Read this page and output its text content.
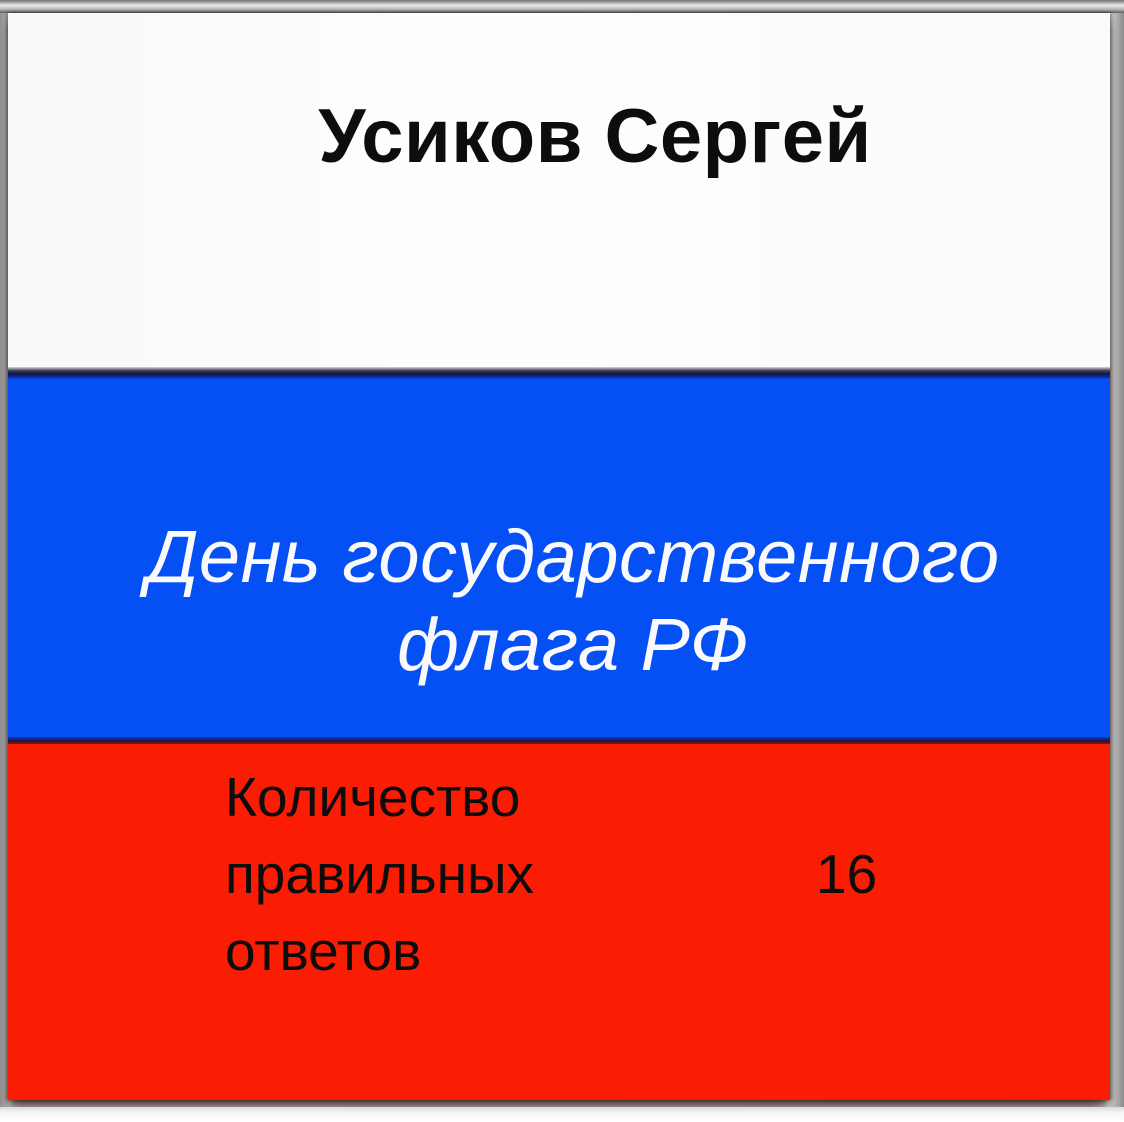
Усиков Сергей
День государственного флага РФ
Количество правильных ответов
16
